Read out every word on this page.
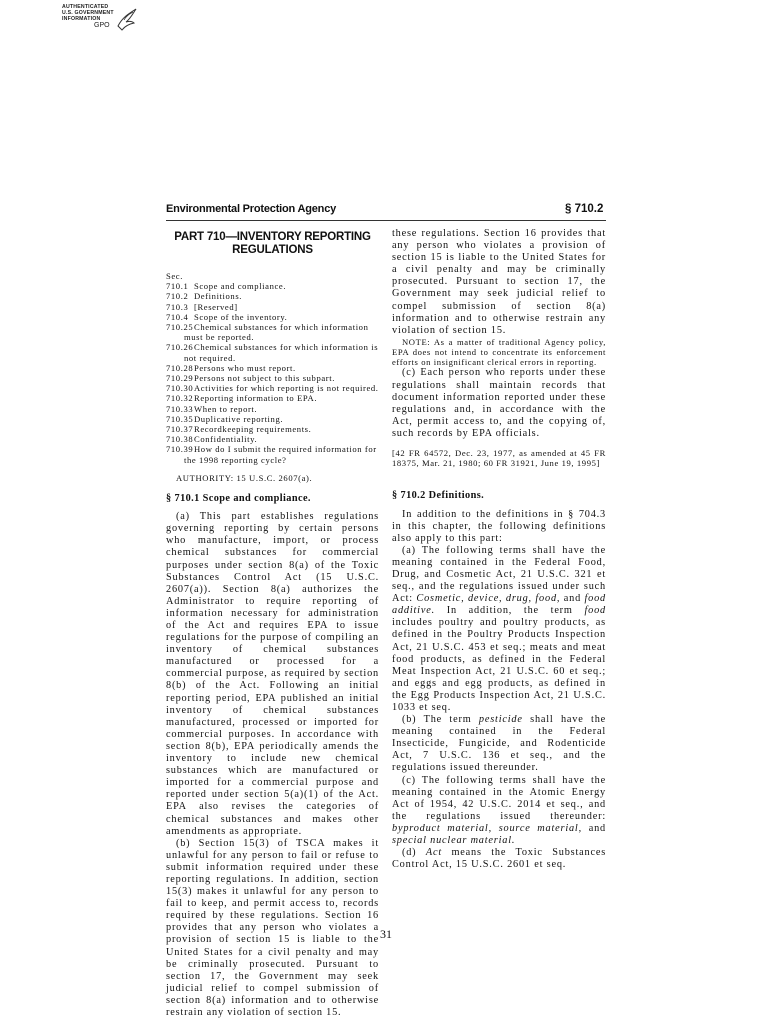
AUTHENTICATED
U.S. GOVERNMENT
INFORMATION
GPO
Environmental Protection Agency	§ 710.2
PART 710—INVENTORY REPORTING
REGULATIONS
Sec.
710.1 Scope and compliance.
710.2 Definitions.
710.3 [Reserved]
710.4 Scope of the inventory.
710.25Chemical substances for which information must be reported.
710.26Chemical substances for which information is not required.
710.28Persons who must report.
710.29Persons not subject to this subpart.
710.30Activities for which reporting is not required.
710.32Reporting information to EPA.
710.33When to report.
710.35Duplicative reporting.
710.37Recordkeeping requirements.
710.38Confidentiality.
710.39How do I submit the required information for the 1998 reporting cycle?
AUTHORITY: 15 U.S.C. 2607(a).
§ 710.1 Scope and compliance.

(a) This part establishes regulations governing reporting by certain persons who manufacture, import, or process chemical substances for commercial purposes under section 8(a) of the Toxic Substances Control Act (15 U.S.C. 2607(a)). Section 8(a) authorizes the Administrator to require reporting of information necessary for administration of the Act and requires EPA to issue regulations for the purpose of compiling an inventory of chemical substances manufactured or processed for a commercial purpose, as required by section 8(b) of the Act. Following an initial reporting period, EPA published an initial inventory of chemical substances manufactured, processed or imported for commercial purposes. In accordance with section 8(b), EPA periodically amends the inventory to include new chemical substances which are manufactured or imported for a commercial purpose and reported under section 5(a)(1) of the Act. EPA also revises the categories of chemical substances and makes other amendments as appropriate.

(b) Section 15(3) of TSCA makes it unlawful for any person to fail or refuse to submit information required under these reporting regulations. In addition, section 15(3) makes it unlawful for any person to fail to keep, and permit access to, records required by these regulations. Section 16 provides that any person who violates a provision of section 15 is liable to the United States for a civil penalty and may be criminally prosecuted. Pursuant to section 17, the Government may seek judicial relief to compel submission of section 8(a) information and to otherwise restrain any violation of section 15.

these regulations. Section 16 provides that any person who violates a provision of section 15 is liable to the United States for a civil penalty and may be criminally prosecuted. Pursuant to section 17, the Government may seek judicial relief to compel submission of section 8(a) information and to otherwise restrain any violation of section 15.

NOTE: As a matter of traditional Agency policy, EPA does not intend to concentrate its enforcement efforts on insignificant clerical errors in reporting.

(c) Each person who reports under these regulations shall maintain records that document information reported under these regulations and, in accordance with the Act, permit access to, and the copying of, such records by EPA officials.

[42 FR 64572, Dec. 23, 1977, as amended at 45 FR 18375, Mar. 21, 1980; 60 FR 31921, June 19, 1995]

§ 710.2 Definitions.

In addition to the definitions in § 704.3 in this chapter, the following definitions also apply to this part:

(a) The following terms shall have the meaning contained in the Federal Food, Drug, and Cosmetic Act, 21 U.S.C. 321 et seq., and the regulations issued under such Act: Cosmetic, device, drug, food, and food additive. In addition, the term food includes poultry and poultry products, as defined in the Poultry Products Inspection Act, 21 U.S.C. 453 et seq.; meats and meat food products, as defined in the Federal Meat Inspection Act, 21 U.S.C. 60 et seq.; and eggs and egg products, as defined in the Egg Products Inspection Act, 21 U.S.C. 1033 et seq.

(b) The term pesticide shall have the meaning contained in the Federal Insecticide, Fungicide, and Rodenticide Act, 7 U.S.C. 136 et seq., and the regulations issued thereunder.

(c) The following terms shall have the meaning contained in the Atomic Energy Act of 1954, 42 U.S.C. 2014 et seq., and the regulations issued thereunder: byproduct material, source material, and special nuclear material.

(d) Act means the Toxic Substances Control Act, 15 U.S.C. 2601 et seq.

31
